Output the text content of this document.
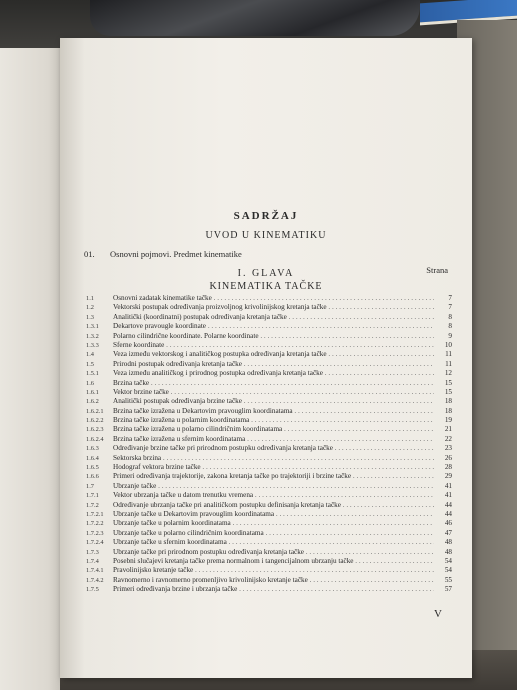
SADRŽAJ
UVOD U KINEMATIKU
01. Osnovni pojmovi. Predmet kinematike
I. GLAVA	Strana
KINEMATIKA TAČKE
1.1	Osnovni zadatak kinematike tačke . . .	7
1.2	Vektorski postupak određivanja proizvoljnog krivolinijskog kretanja tačke . . .	7
1.3	Analitički (koordinatni) postupak određivanja kretanja tačke . . .	8
1.3.1	Dekartove pravougle koordinate . . .	8
1.3.2	Polarno cilindrične koordinate. Polarne koordinate . . .	9
1.3.3	Sferne koordinate . . .	10
1.4	Veza između vektorskog i analitičkog postupka određivanja kretanja tačke . . .	11
1.5	Prirodni postupak određivanja kretanja tačke . . .	11
1.5.1	Veza između analitičkog i prirodnog postupka određivanja kretanja tačke . . .	12
1.6	Brzina tačke . . .	15
1.6.1	Vektor brzine tačke . . .	15
1.6.2	Analitički postupak određivanja brzine tačke . . .	18
1.6.2.1	Brzina tačke izražena u Dekartovim pravouglim koordinatama . . .	18
1.6.2.2	Brzina tačke izražena u polarnim koordinatama . . .	19
1.6.2.3	Brzina tačke izražena u polarno cilindričnim koordinatama . . .	21
1.6.2.4	Brzina tačke izražena u sfernim koordinatama . . .	22
1.6.3	Određivanje brzine tačke pri prirodnom postupku određivanja kretanja tačke . . .	23
1.6.4	Sektorska brzina . . .	26
1.6.5	Hodograf vektora brzine tačke . . .	28
1.6.6	Primeri određivanja trajektorije, zakona kretanja tačke po trajektoriji i brzine tačke . . .	29
1.7	Ubrzanje tačke . . .	41
1.7.1	Vektor ubrzanja tačke u datom trenutku vremena . . .	41
1.7.2	Određivanje ubrzanja tačke pri analitičkom postupku definisanja kretanja tačke . . .	44
1.7.2.1	Ubrzanje tačke u Dekartovim pravouglim koordinatama . . .	44
1.7.2.2	Ubrzanje tačke u polarnim koordinatama . . .	46
1.7.2.3	Ubrzanje tačke u polarno cilindričnim koordinatama . . .	47
1.7.2.4	Ubrzanje tačke u sfernim koordinatama . . .	48
1.7.3	Ubrzanje tačke pri prirodnom postupku određivanja kretanja tačke . . .	48
1.7.4	Posebni slučajevi kretanja tačke prema normalnom i tangencijalnom ubrzanju tačke . . .	54
1.7.4.1	Pravolinijsko kretanje tačke . . .	54
1.7.4.2	Ravnomerno i ravnomerno promenljivo krivolinijsko kretanje tačke . . .	55
1.7.5	Primeri određivanja brzine i ubrzanja tačke . . .	57
V
